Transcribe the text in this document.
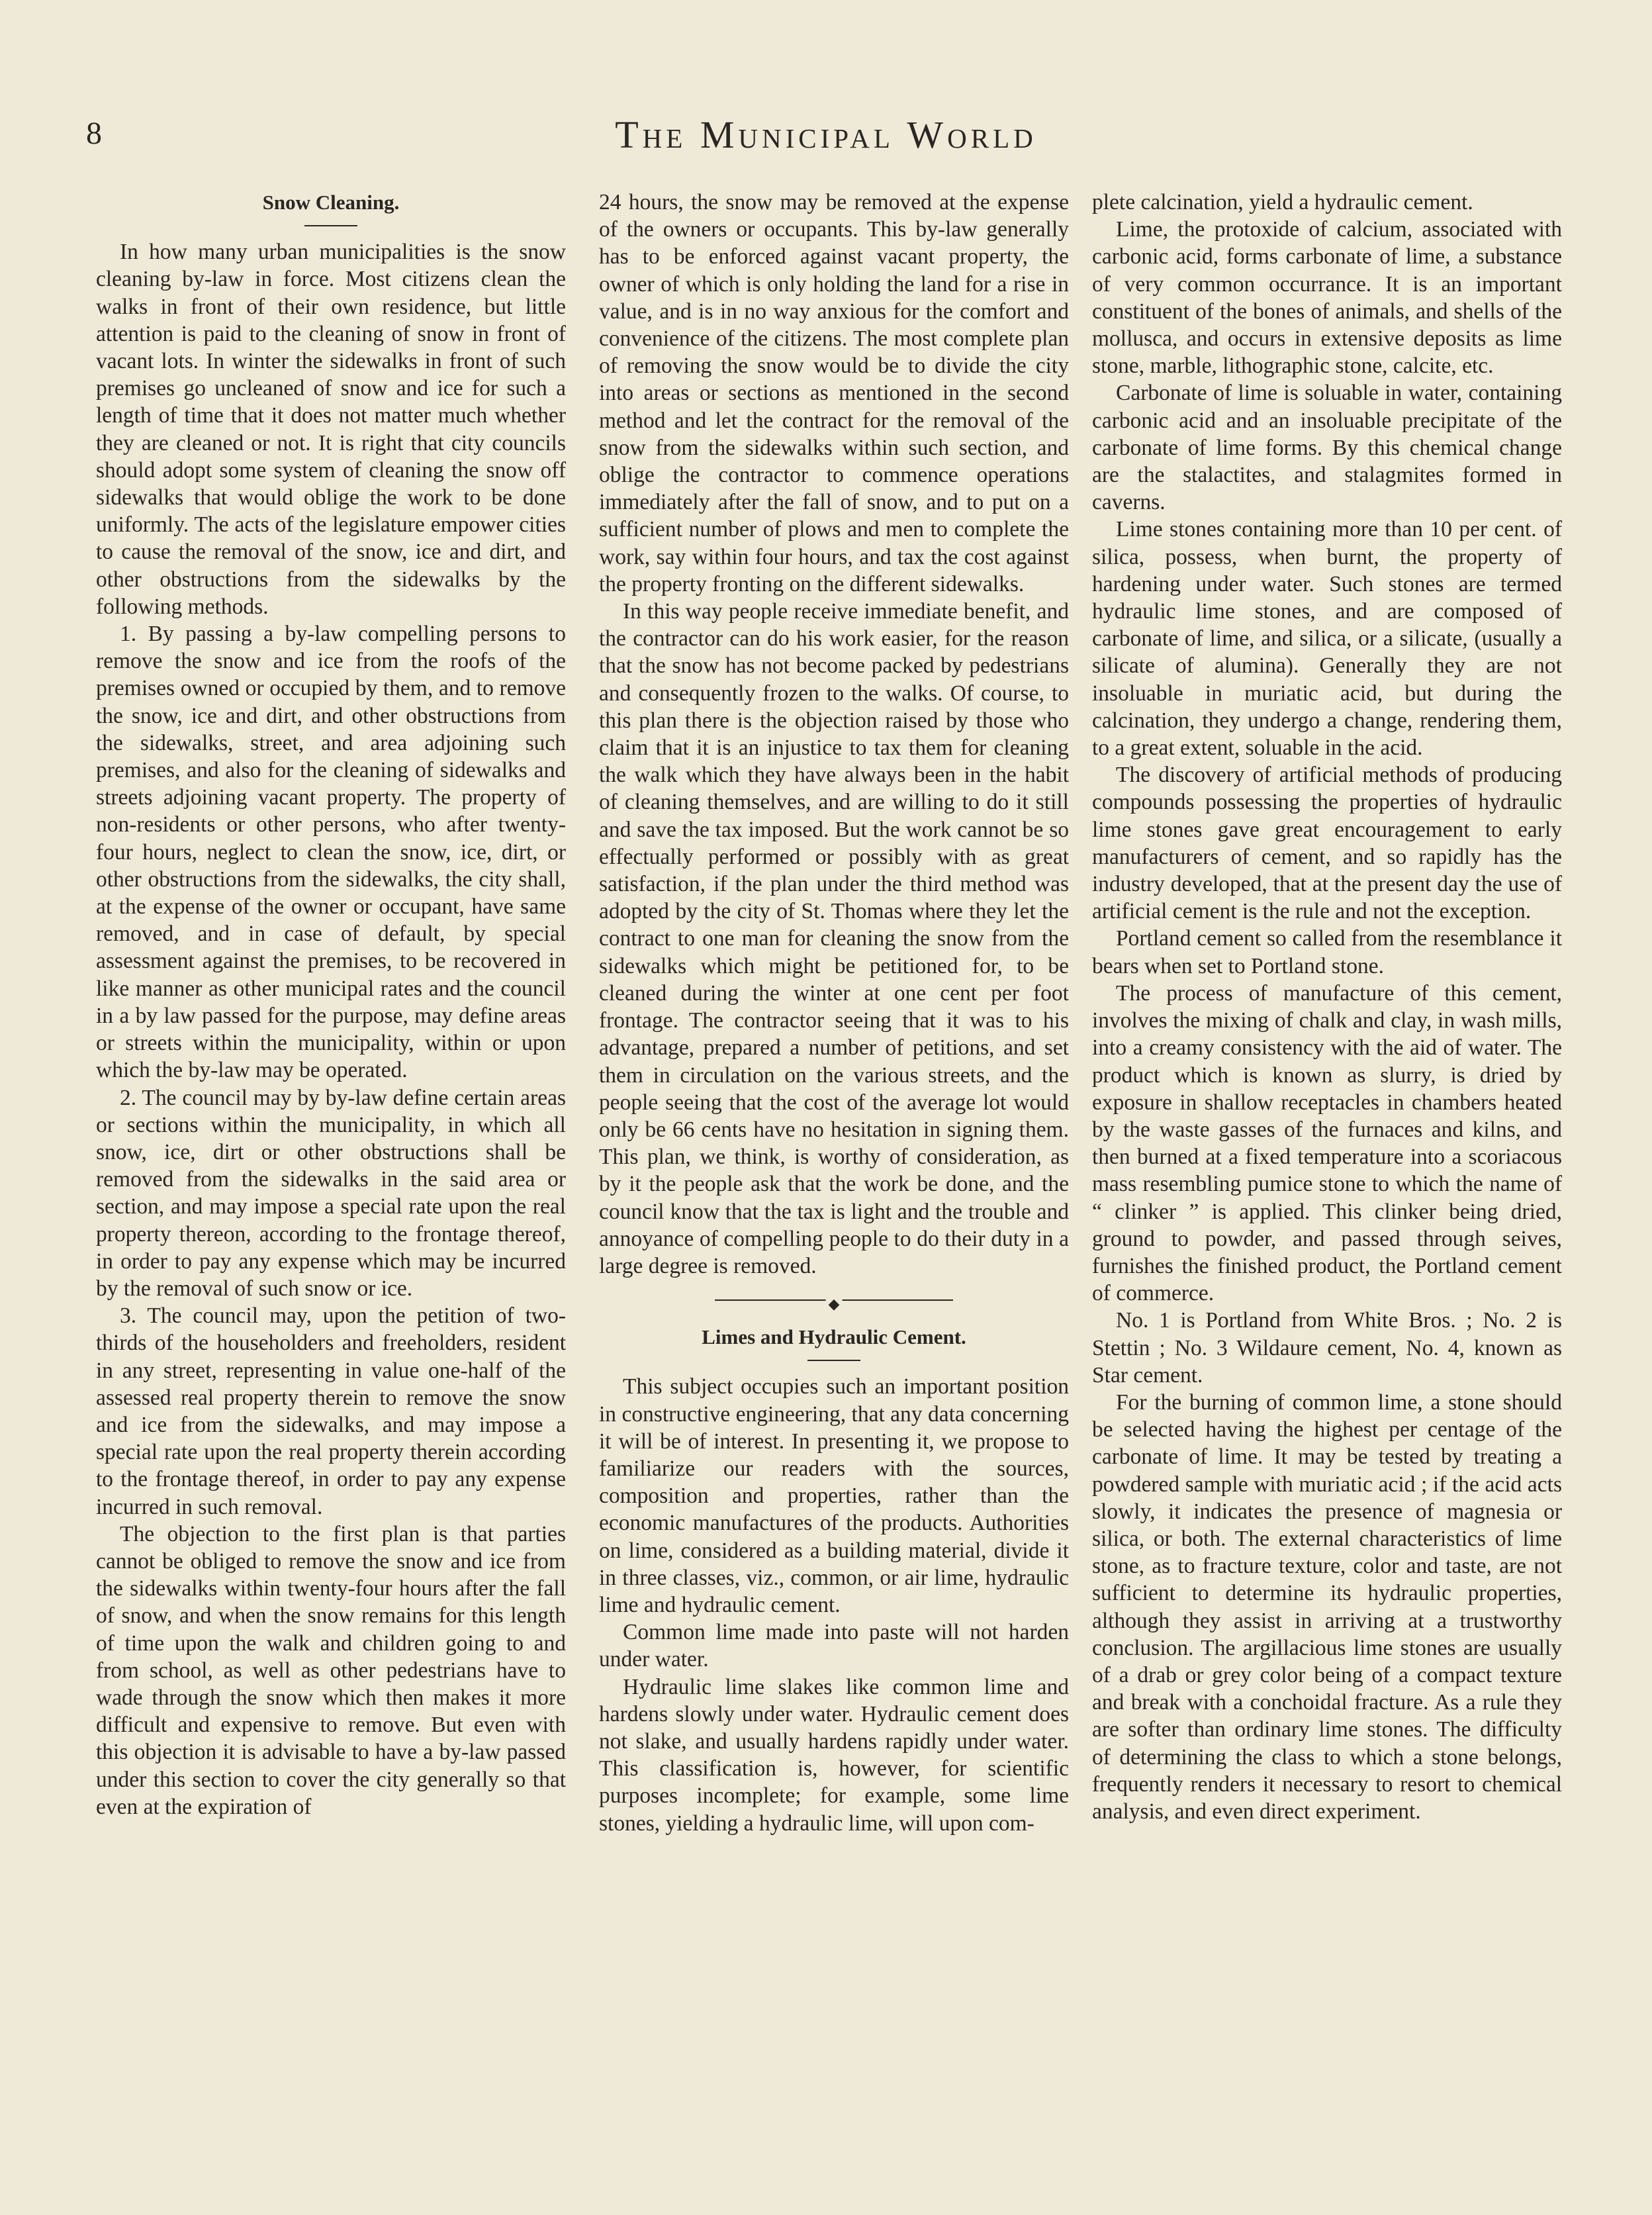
8	The Municipal World
Snow Cleaning.

In how many urban municipalities is the snow cleaning by-law in force. Most citizens clean the walks in front of their own residence, but little attention is paid to the cleaning of snow in front of vacant lots. In winter the sidewalks in front of such premises go uncleaned of snow and ice for such a length of time that it does not matter much whether they are cleaned or not. It is right that city councils should adopt some system of cleaning the snow off sidewalks that would oblige the work to be done uniformly. The acts of the legislature empower cities to cause the removal of the snow, ice and dirt, and other obstructions from the sidewalks by the following methods.

1. By passing a by-law compelling persons to remove the snow and ice from the roofs of the premises owned or occupied by them, and to remove the snow, ice and dirt, and other obstructions from the sidewalks, street, and area adjoining such premises, and also for the cleaning of sidewalks and streets adjoining vacant property. The property of non-residents or other persons, who after twenty-four hours, neglect to clean the snow, ice, dirt, or other obstructions from the sidewalks, the city shall, at the expense of the owner or occupant, have same removed, and in case of default, by special assessment against the premises, to be recovered in like manner as other municipal rates and the council in a by law passed for the purpose, may define areas or streets within the municipality, within or upon which the by-law may be operated.

2. The council may by by-law define certain areas or sections within the municipality, in which all snow, ice, dirt or other obstructions shall be removed from the sidewalks in the said area or section, and may impose a special rate upon the real property thereon, according to the frontage thereof, in order to pay any expense which may be incurred by the removal of such snow or ice.

3. The council may, upon the petition of two-thirds of the householders and freeholders, resident in any street, representing in value one-half of the assessed real property therein to remove the snow and ice from the sidewalks, and may impose a special rate upon the real property therein according to the frontage thereof, in order to pay any expense incurred in such removal.

The objection to the first plan is that parties cannot be obliged to remove the snow and ice from the sidewalks within twenty-four hours after the fall of snow, and when the snow remains for this length of time upon the walk and children going to and from school, as well as other pedestrians have to wade through the snow which then makes it more difficult and expensive to remove. But even with this objection it is advisable to have a by-law passed under this section to cover the city generally so that even at the expiration of

24 hours, the snow may be removed at the expense of the owners or occupants. This by-law generally has to be enforced against vacant property, the owner of which is only holding the land for a rise in value, and is in no way anxious for the comfort and convenience of the citizens. The most complete plan of removing the snow would be to divide the city into areas or sections as mentioned in the second method and let the contract for the removal of the snow from the sidewalks within such section, and oblige the contractor to commence operations immediately after the fall of snow, and to put on a sufficient number of plows and men to complete the work, say within four hours, and tax the cost against the property fronting on the different sidewalks.

In this way people receive immediate benefit, and the contractor can do his work easier, for the reason that the snow has not become packed by pedestrians and consequently frozen to the walks. Of course, to this plan there is the objection raised by those who claim that it is an injustice to tax them for cleaning the walk which they have always been in the habit of cleaning themselves, and are willing to do it still and save the tax imposed. But the work cannot be so effectually performed or possibly with as great satisfaction, if the plan under the third method was adopted by the city of St. Thomas where they let the contract to one man for cleaning the snow from the sidewalks which might be petitioned for, to be cleaned during the winter at one cent per foot frontage. The contractor seeing that it was to his advantage, prepared a number of petitions, and set them in circulation on the various streets, and the people seeing that the cost of the average lot would only be 66 cents have no hesitation in signing them. This plan, we think, is worthy of consideration, as by it the people ask that the work be done, and the council know that the tax is light and the trouble and annoyance of compelling people to do their duty in a large degree is removed.

◆
Limes and Hydraulic Cement.

This subject occupies such an important position in constructive engineering, that any data concerning it will be of interest. In presenting it, we propose to familiarize our readers with the sources, composition and properties, rather than the economic manufactures of the products. Authorities on lime, considered as a building material, divide it in three classes, viz., common, or air lime, hydraulic lime and hydraulic cement.

Common lime made into paste will not harden under water.

Hydraulic lime slakes like common lime and hardens slowly under water. Hydraulic cement does not slake, and usually hardens rapidly under water. This classification is, however, for scientific purposes incomplete; for example, some lime stones, yielding a hydraulic lime, will upon com-

plete calcination, yield a hydraulic cement.

Lime, the protoxide of calcium, associated with carbonic acid, forms carbonate of lime, a substance of very common occurrance. It is an important constituent of the bones of animals, and shells of the mollusca, and occurs in extensive deposits as lime stone, marble, lithographic stone, calcite, etc.

Carbonate of lime is soluable in water, containing carbonic acid and an insoluable precipitate of the carbonate of lime forms. By this chemical change are the stalactites, and stalagmites formed in caverns.

Lime stones containing more than 10 per cent. of silica, possess, when burnt, the property of hardening under water. Such stones are termed hydraulic lime stones, and are composed of carbonate of lime, and silica, or a silicate, (usually a silicate of alumina). Generally they are not insoluable in muriatic acid, but during the calcination, they undergo a change, rendering them, to a great extent, soluable in the acid.

The discovery of artificial methods of producing compounds possessing the properties of hydraulic lime stones gave great encouragement to early manufacturers of cement, and so rapidly has the industry developed, that at the present day the use of artificial cement is the rule and not the exception.

Portland cement so called from the resemblance it bears when set to Portland stone.

The process of manufacture of this cement, involves the mixing of chalk and clay, in wash mills, into a creamy consistency with the aid of water. The product which is known as slurry, is dried by exposure in shallow receptacles in chambers heated by the waste gasses of the furnaces and kilns, and then burned at a fixed temperature into a scoriacous mass resembling pumice stone to which the name of “ clinker ” is applied. This clinker being dried, ground to powder, and passed through seives, furnishes the finished product, the Portland cement of commerce.

No. 1 is Portland from White Bros. ; No. 2 is Stettin ; No. 3 Wildaure cement, No. 4, known as Star cement.

For the burning of common lime, a stone should be selected having the highest per centage of the carbonate of lime. It may be tested by treating a powdered sample with muriatic acid ; if the acid acts slowly, it indicates the presence of magnesia or silica, or both. The external characteristics of lime stone, as to fracture texture, color and taste, are not sufficient to determine its hydraulic properties, although they assist in arriving at a trustworthy conclusion. The argillacious lime stones are usually of a drab or grey color being of a compact texture and break with a conchoidal fracture. As a rule they are softer than ordinary lime stones. The difficulty of determining the class to which a stone belongs, frequently renders it necessary to resort to chemical analysis, and even direct experiment.
